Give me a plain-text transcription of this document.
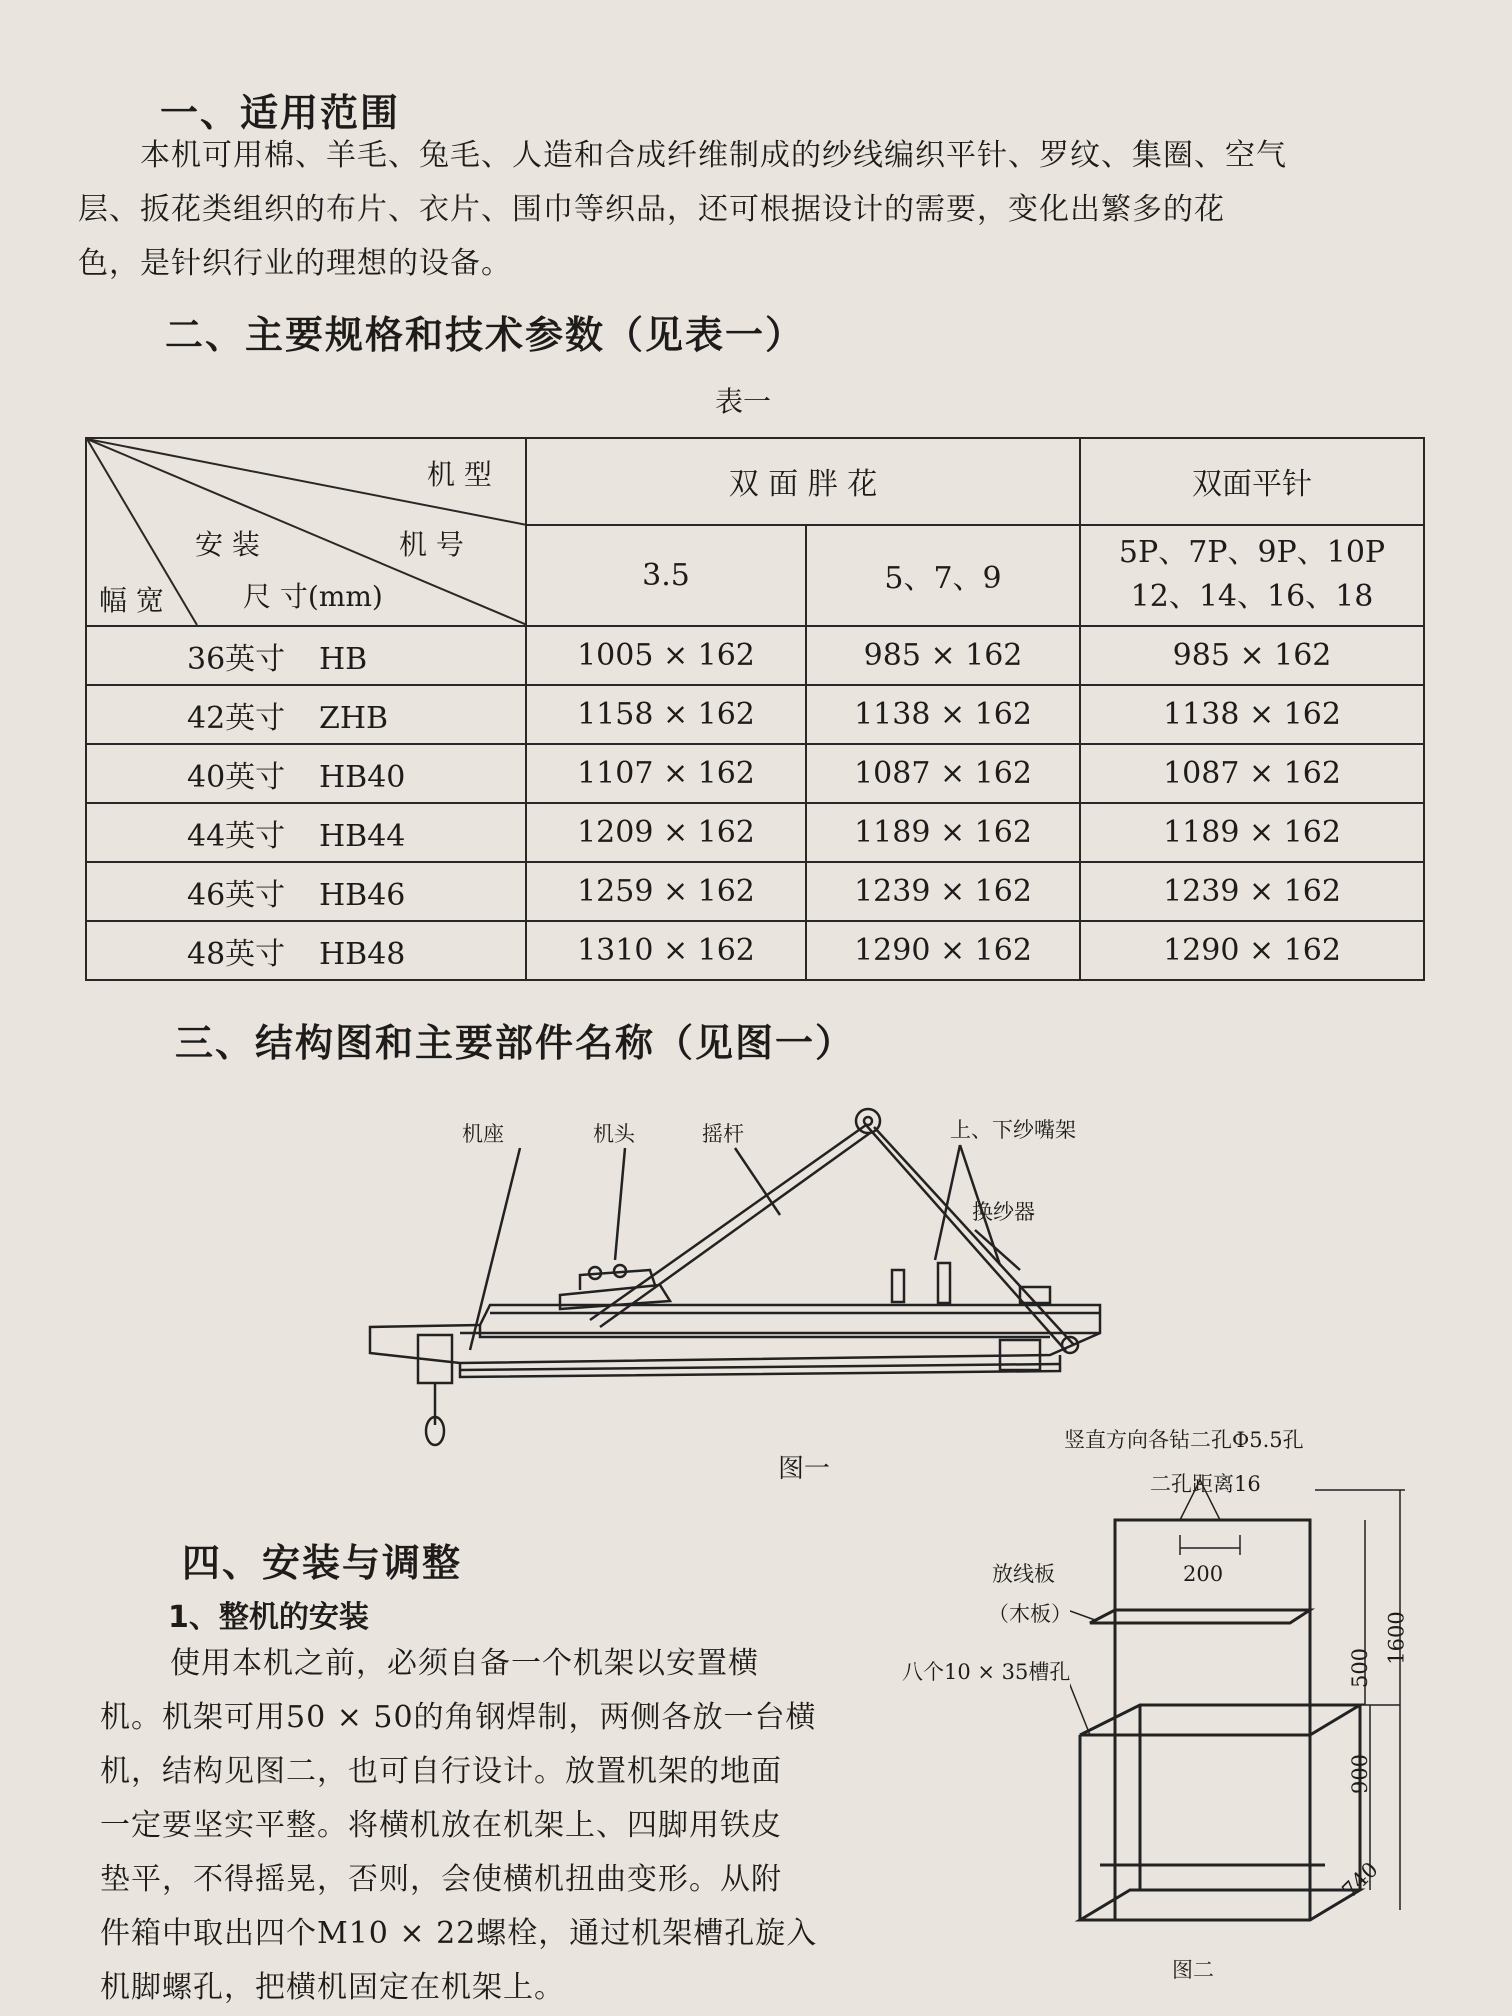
一、适用范围
本机可用棉、羊毛、兔毛、人造和合成纤维制成的纱线编织平针、罗纹、集圈、空气
层、扳花类组织的布片、衣片、围巾等织品，还可根据设计的需要，变化出繁多的花
色，是针织行业的理想的设备。
二、主要规格和技术参数（见表一）
表一
机 型
安 装 机 号
幅 宽 尺 寸(mm)	双 面 胖 花		双面平针
	3.5	5、7、9	5P、7P、9P、10P
12、14、16、18

36英寸 HB	1005 × 162	985 × 162	985 × 162
42英寸 ZHB	1158 × 162	1138 × 162	1138 × 162
40英寸 HB40	1107 × 162	1087 × 162	1087 × 162
44英寸 HB44	1209 × 162	1189 × 162	1189 × 162
46英寸 HB46	1259 × 162	1239 × 162	1239 × 162
48英寸 HB48	1310 × 162	1290 × 162	1290 × 162
三、结构图和主要部件名称（见图一）
机座	机头	摇杆	上、下纱嘴架
换纱器
图一
四、安装与调整
1、整机的安装
使用本机之前，必须自备一个机架以安置横
机。机架可用50 × 50的角钢焊制，两侧各放一台横
机，结构见图二，也可自行设计。放置机架的地面
一定要坚实平整。将横机放在机架上、四脚用铁皮
垫平，不得摇晃，否则，会使横机扭曲变形。从附
件箱中取出四个M10 × 22螺栓，通过机架槽孔旋入
机脚螺孔，把横机固定在机架上。
竖直方向各钻二孔Φ5.5孔
二孔距离16
放线板
（木板）
八个10 × 35槽孔
200
500
1600
900
740
图二
